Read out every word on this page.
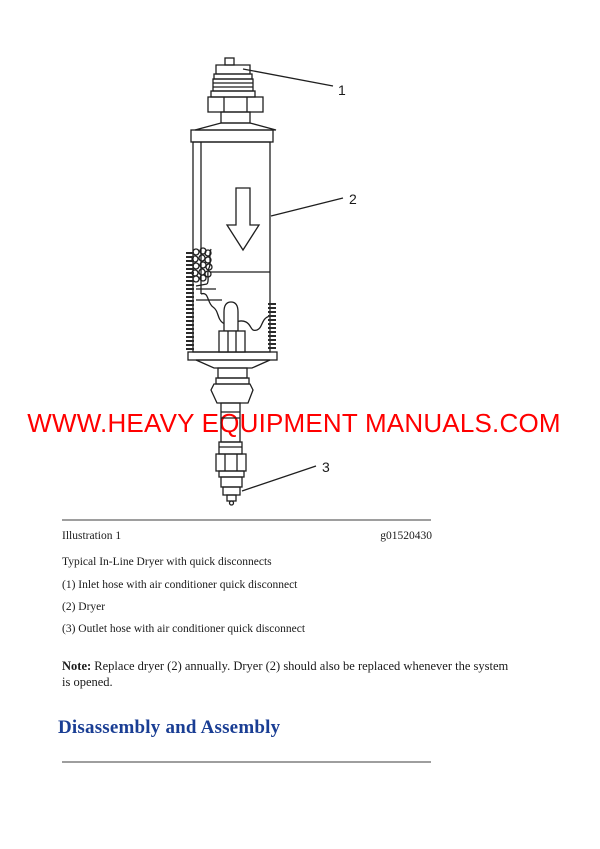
WWW.HEAVY EQUIPMENT MANUALS.COM
1
2
3
Illustration 1	g01520430
Typical In-Line Dryer with quick disconnects
(1) Inlet hose with air conditioner quick disconnect
(2) Dryer
(3) Outlet hose with air conditioner quick disconnect
Note: Replace dryer (2) annually. Dryer (2) should also be replaced whenever the system is opened.
Disassembly and Assembly
